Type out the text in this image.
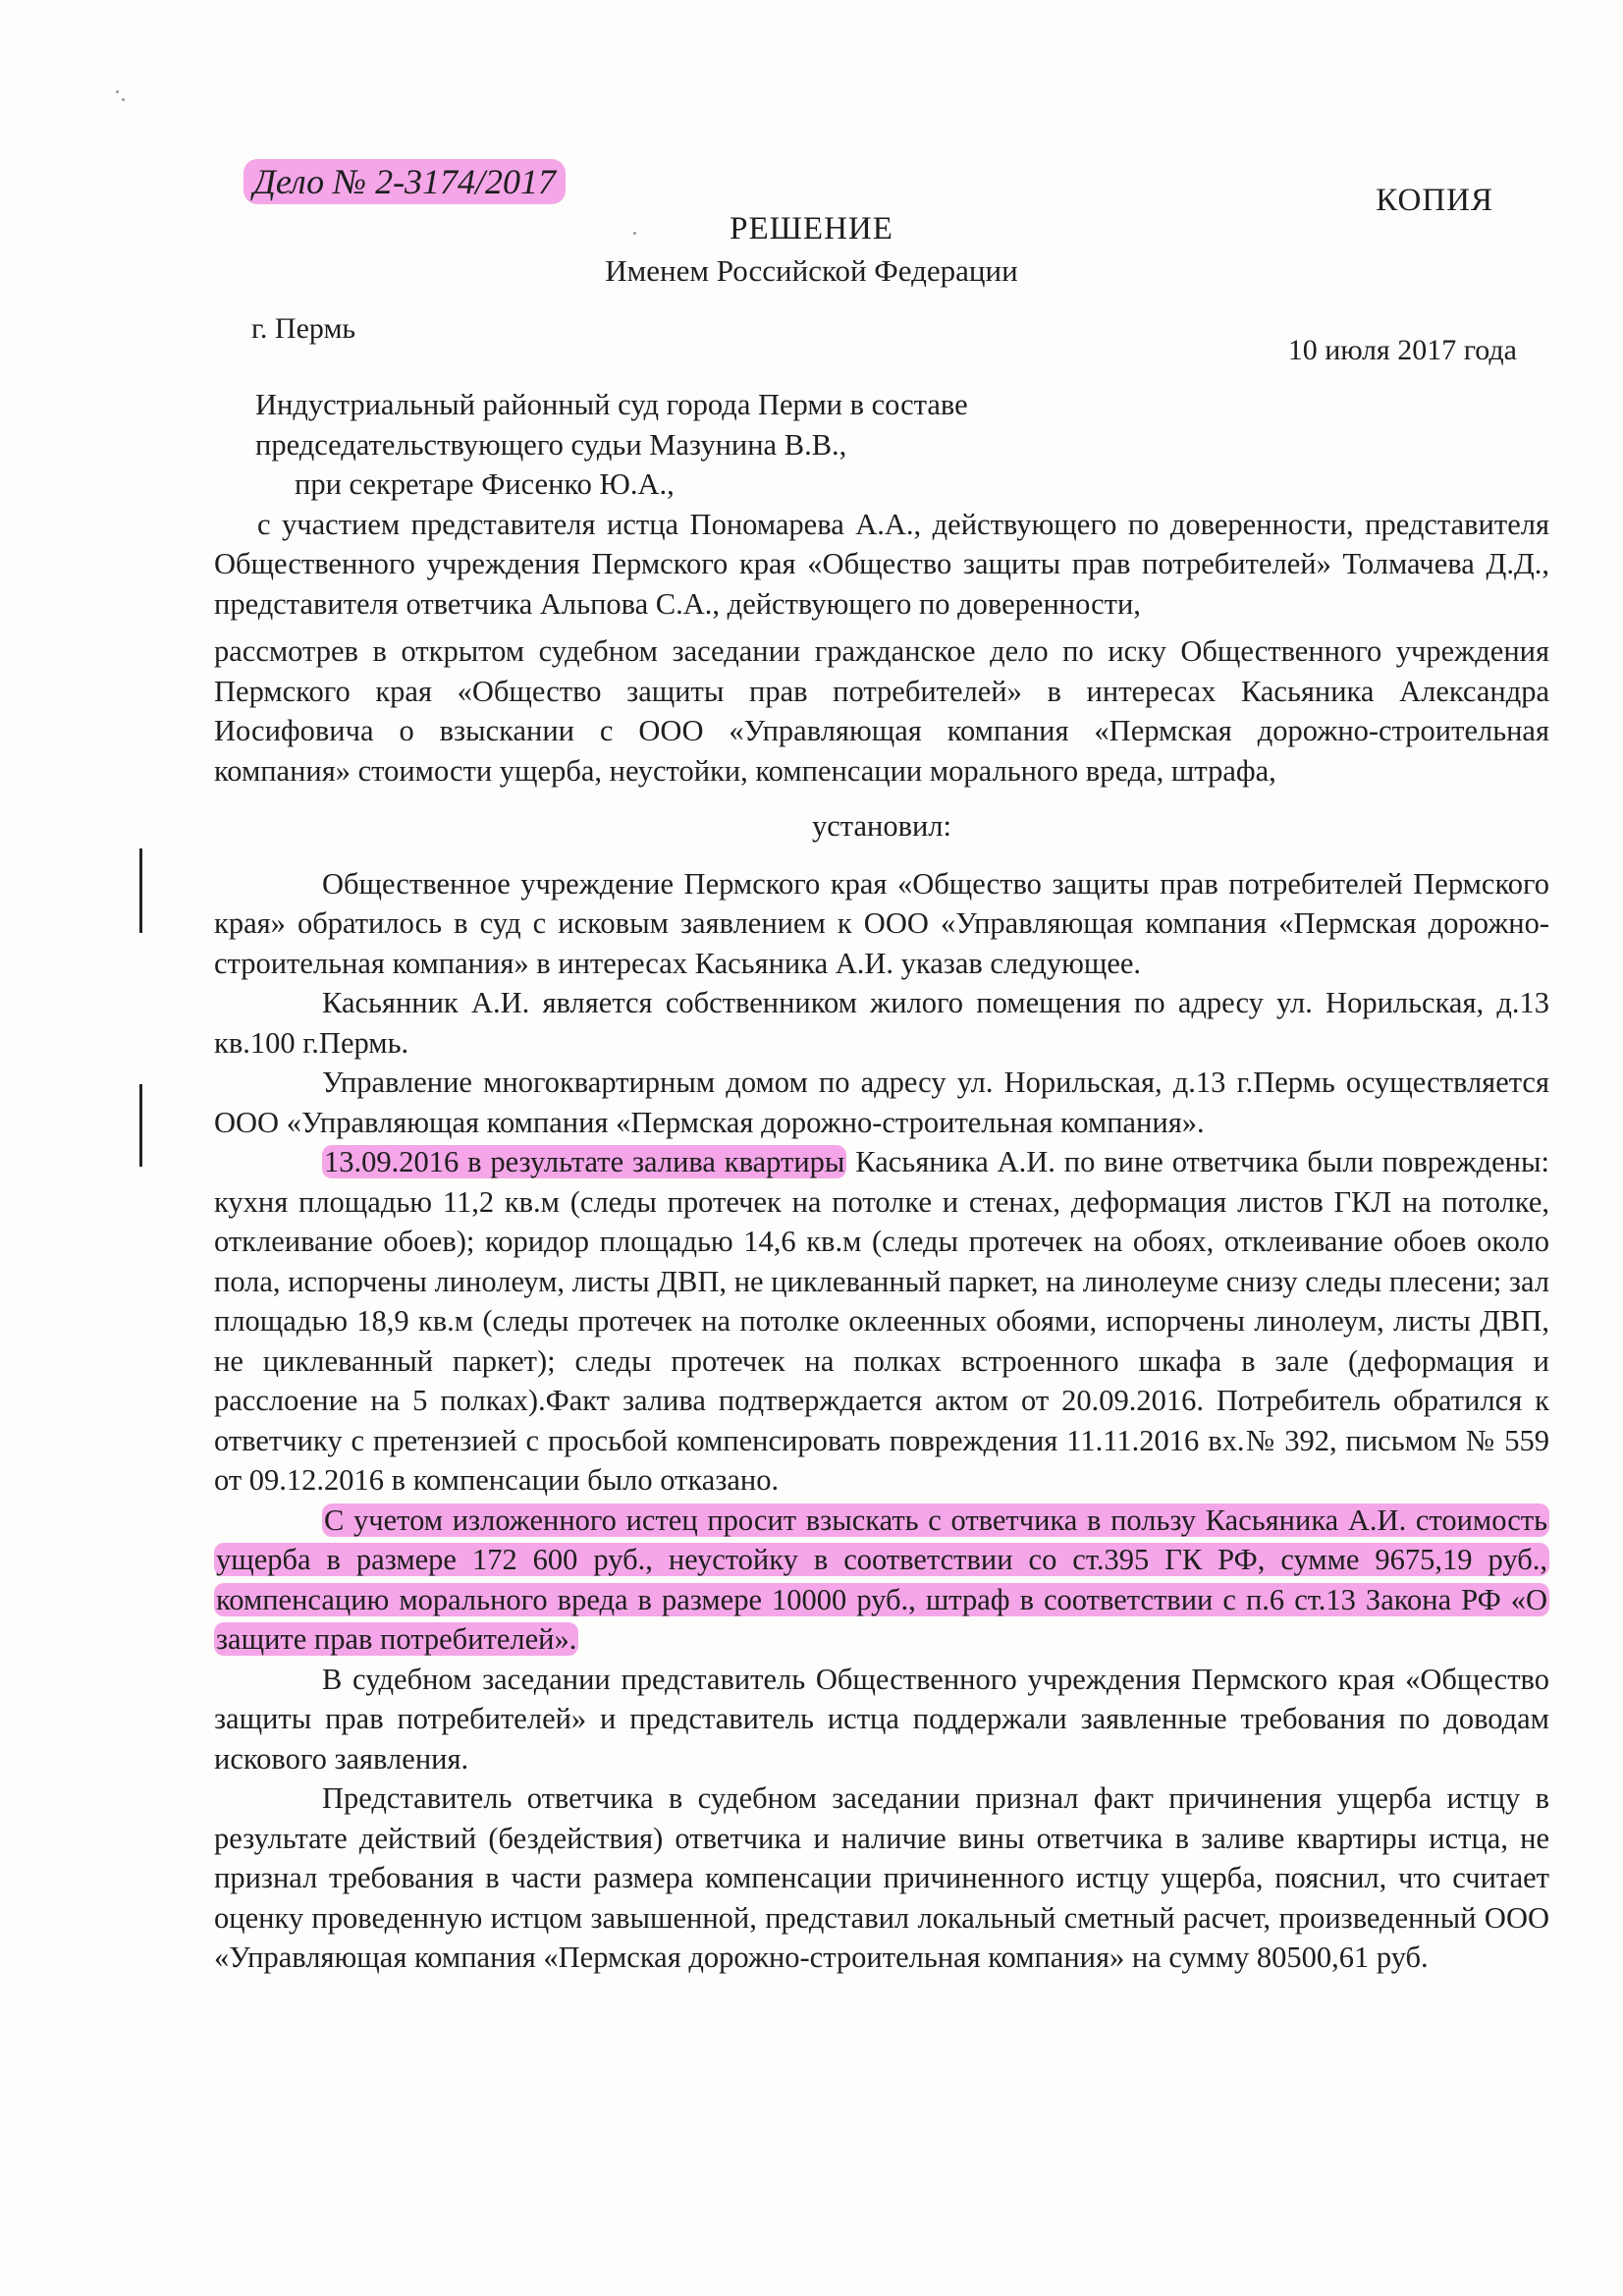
Дело № 2-3174/2017	КОПИЯ
РЕШЕНИЕ
Именем Российской Федерации
г. Пермь
10 июля 2017 года

Индустриальный районный суд города Перми в составе

председательствующего судьи Мазунина В.В.,

при секретаре Фисенко Ю.А.,

с участием представителя истца Пономарева А.А., действующего по доверенности, представителя Общественного учреждения Пермского края «Общество защиты прав потребителей» Толмачева Д.Д., представителя ответчика Альпова С.А., действующего по доверенности,

рассмотрев в открытом судебном заседании гражданское дело по иску Общественного учреждения Пермского края «Общество защиты прав потребителей» в интересах Касьяника Александра Иосифовича о взыскании с ООО «Управляющая компания «Пермская дорожно-строительная компания» стоимости ущерба, неустойки, компенсации морального вреда, штрафа,

установил:

Общественное учреждение Пермского края «Общество защиты прав потребителей Пермского края» обратилось в суд с исковым заявлением к ООО «Управляющая компания «Пермская дорожно-строительная компания» в интересах Касьяника А.И. указав следующее.

Касьянник А.И. является собственником жилого помещения по адресу ул. Норильская, д.13 кв.100 г.Пермь.

Управление многоквартирным домом по адресу ул. Норильская, д.13 г.Пермь осуществляется ООО «Управляющая компания «Пермская дорожно-строительная компания».

13.09.2016 в результате залива квартиры Касьяника А.И. по вине ответчика были повреждены: кухня площадью 11,2 кв.м (следы протечек на потолке и стенах, деформация листов ГКЛ на потолке, отклеивание обоев); коридор площадью 14,6 кв.м (следы протечек на обоях, отклеивание обоев около пола, испорчены линолеум, листы ДВП, не циклеванный паркет, на линолеуме снизу следы плесени; зал площадью 18,9 кв.м (следы протечек на потолке оклеенных обоями, испорчены линолеум, листы ДВП, не циклеванный паркет); следы протечек на полках встроенного шкафа в зале (деформация и расслоение на 5 полках).Факт залива подтверждается актом от 20.09.2016. Потребитель обратился к ответчику с претензией с просьбой компенсировать повреждения 11.11.2016 вх.№ 392, письмом № 559 от 09.12.2016 в компенсации было отказано.

С учетом изложенного истец просит взыскать с ответчика в пользу Касьяника А.И. стоимость ущерба в размере 172 600 руб., неустойку в соответствии со ст.395 ГК РФ, сумме 9675,19 руб., компенсацию морального вреда в размере 10000 руб., штраф в соответствии с п.6 ст.13 Закона РФ «О защите прав потребителей».

В судебном заседании представитель Общественного учреждения Пермского края «Общество защиты прав потребителей» и представитель истца поддержали заявленные требования по доводам искового заявления.

Представитель ответчика в судебном заседании признал факт причинения ущерба истцу в результате действий (бездействия) ответчика и наличие вины ответчика в заливе квартиры истца, не признал требования в части размера компенсации причиненного истцу ущерба, пояснил, что считает оценку проведенную истцом завышенной, представил локальный сметный расчет, произведенный ООО «Управляющая компания «Пермская дорожно-строительная компания» на сумму 80500,61 руб.
